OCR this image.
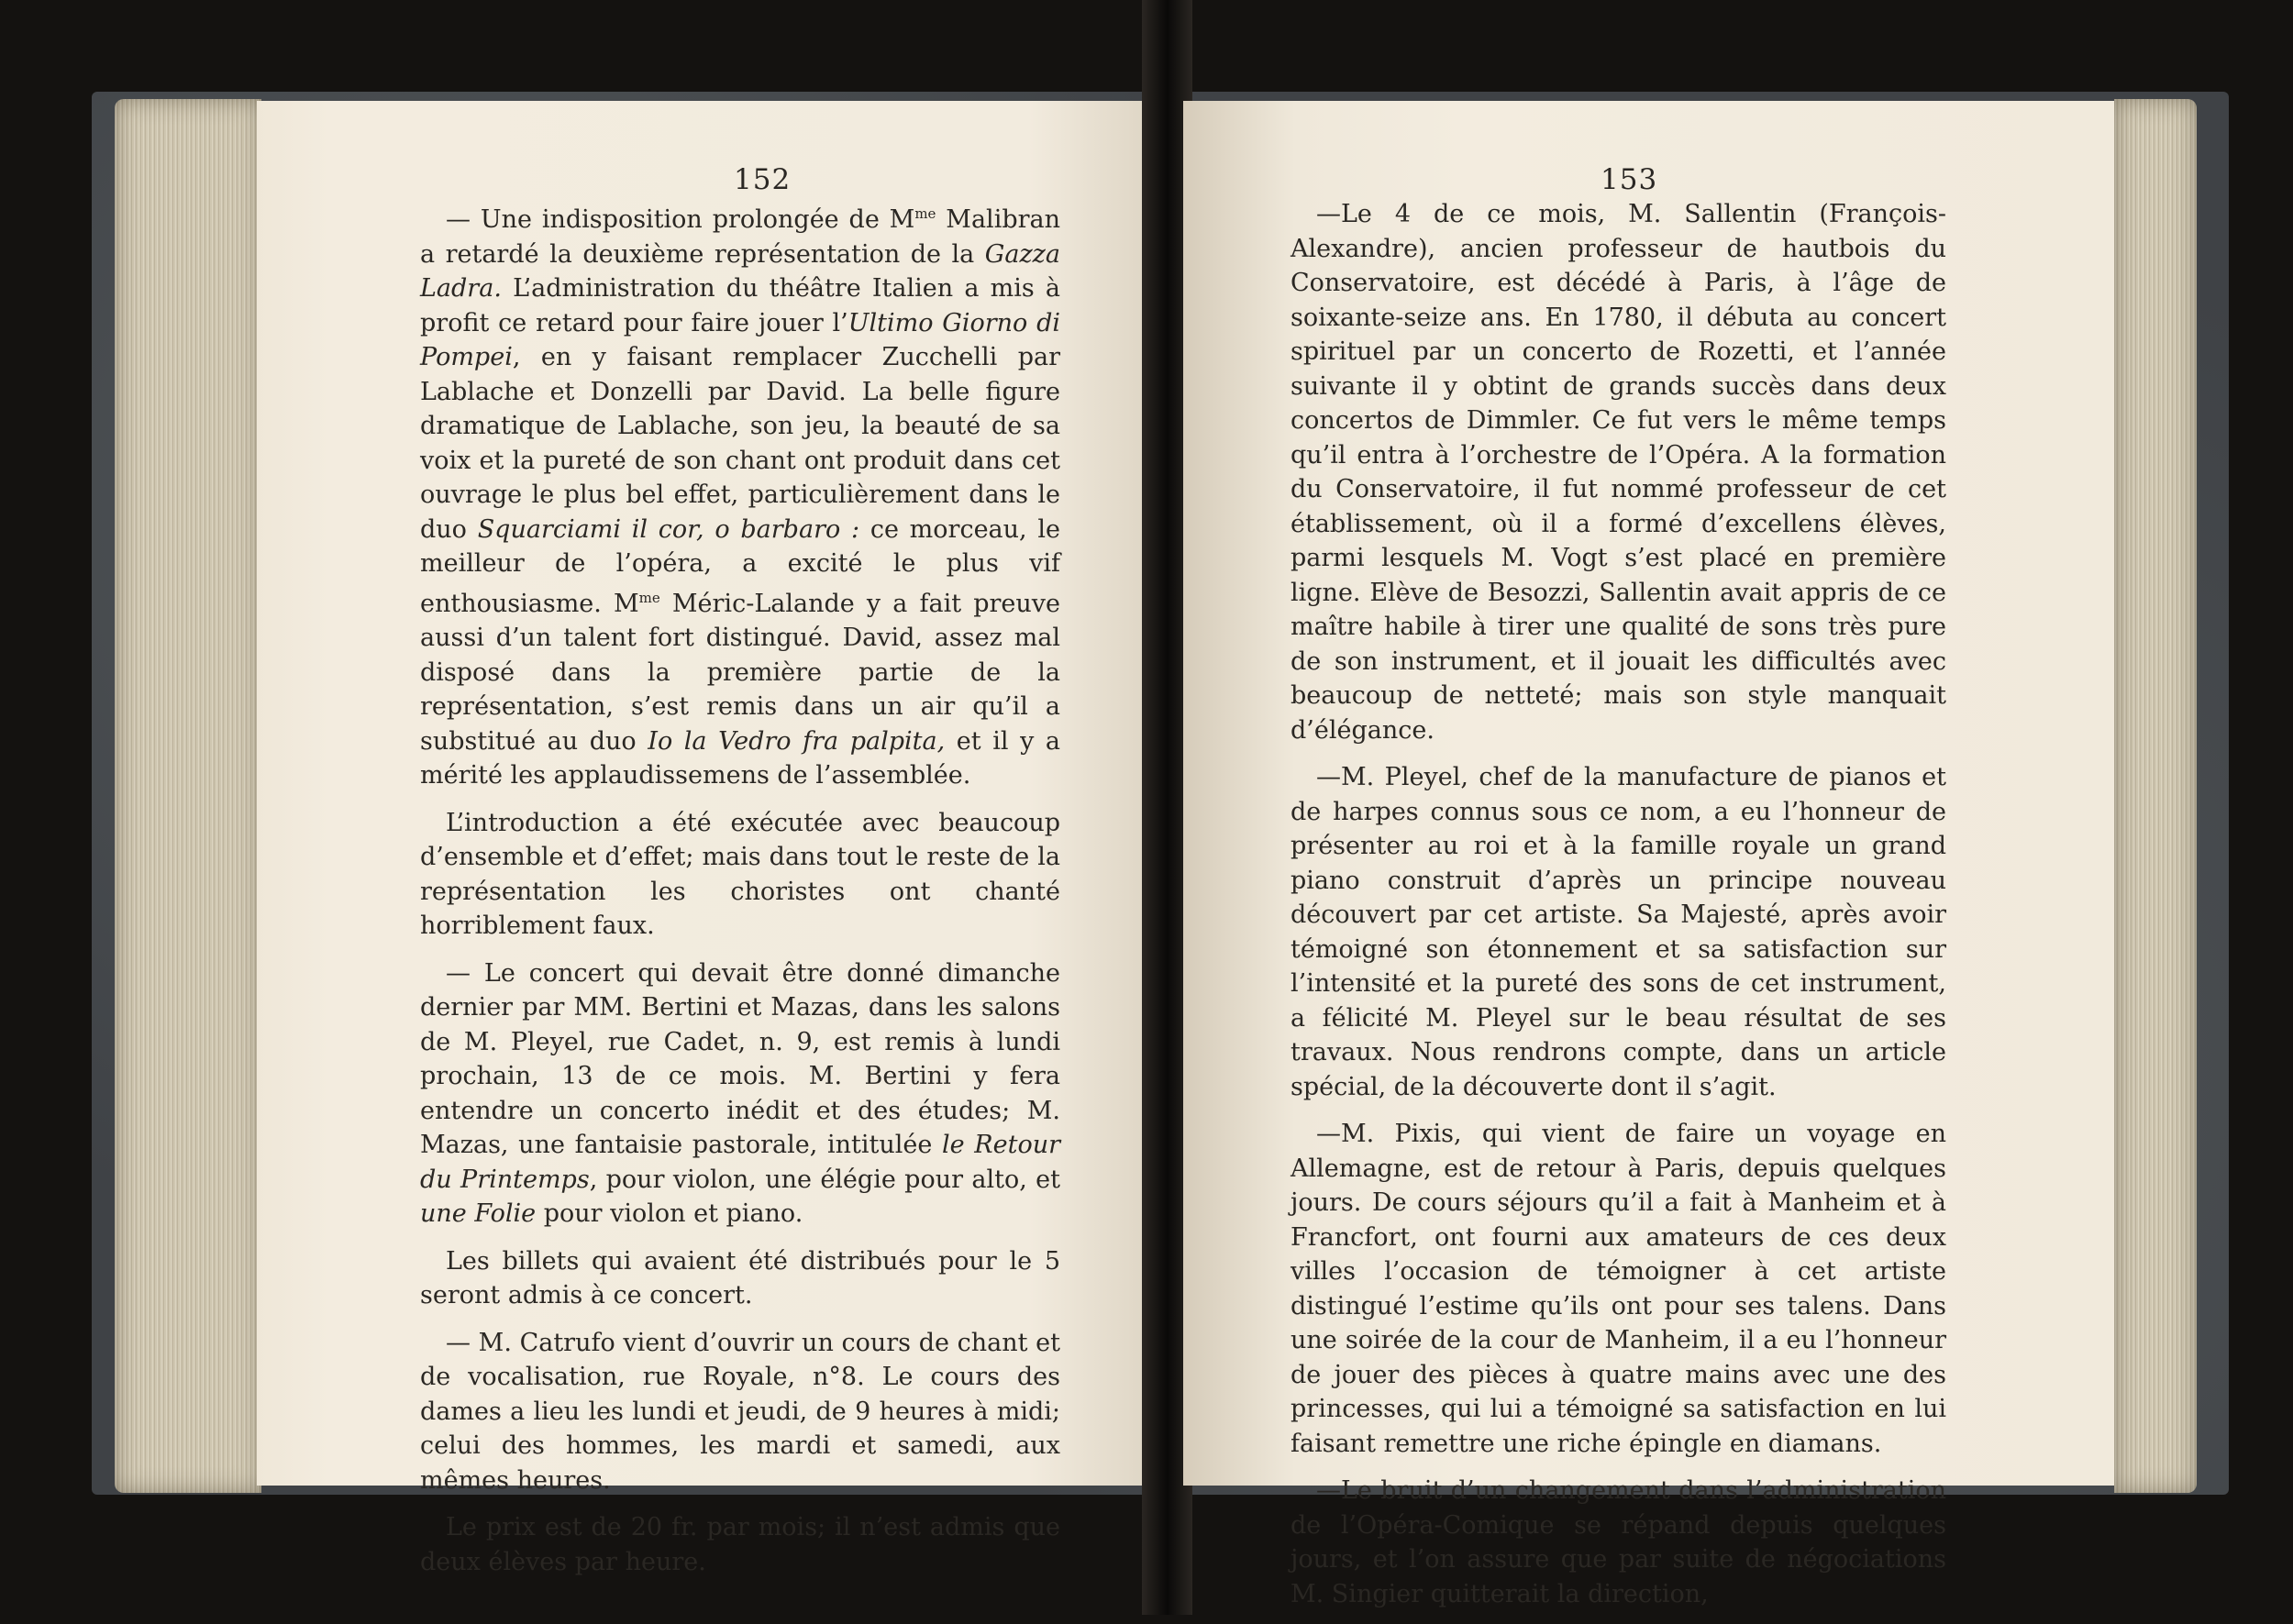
152

— Une indisposition prolongée de $M^{me}$ Malibran a retardé la deuxième représentation de la Gazza Ladra. L’administration du théâtre Italien a mis à profit ce retard pour faire jouer l’Ultimo Giorno di Pompei, en y faisant remplacer Zucchelli par Lablache et Donzelli par David. La belle figure dramatique de Lablache, son jeu, la beauté de sa voix et la pureté de son chant ont produit dans cet ouvrage le plus bel effet, particulièrement dans le duo Squarciami il cor, o barbaro : ce morceau, le meilleur de l’opéra, a excité le plus vif enthousiasme. $M^{me}$ Méric-Lalande y a fait preuve aussi d’un talent fort distingué. David, assez mal disposé dans la première partie de la représentation, s’est remis dans un air qu’il a substitué au duo Io la Vedro fra palpita, et il y a mérité les applaudissemens de l’assemblée.

L’introduction a été exécutée avec beaucoup d’ensemble et d’effet; mais dans tout le reste de la représentation les choristes ont chanté horriblement faux.

— Le concert qui devait être donné dimanche dernier par MM. Bertini et Mazas, dans les salons de M. Pleyel, rue Cadet, n. 9, est remis à lundi prochain, 13 de ce mois. M. Bertini y fera entendre un concerto inédit et des études; M. Mazas, une fantaisie pastorale, intitulée le Retour du Printemps, pour violon, une élégie pour alto, et une Folie pour violon et piano.

Les billets qui avaient été distribués pour le 5 seront admis à ce concert.

— M. Catrufo vient d’ouvrir un cours de chant et de vocalisation, rue Royale, n°8. Le cours des dames a lieu les lundi et jeudi, de 9 heures à midi; celui des hommes, les mardi et samedi, aux mêmes heures.

Le prix est de 20 fr. par mois; il n’est admis que deux élèves par heure.

153

—Le 4 de ce mois, M. Sallentin (François-Alexandre), ancien professeur de hautbois du Conservatoire, est décédé à Paris, à l’âge de soixante-seize ans. En 1780, il débuta au concert spirituel par un concerto de Rozetti, et l’année suivante il y obtint de grands succès dans deux concertos de Dimmler. Ce fut vers le même temps qu’il entra à l’orchestre de l’Opéra. A la formation du Conservatoire, il fut nommé professeur de cet établissement, où il a formé d’excellens élèves, parmi lesquels M. Vogt s’est placé en première ligne. Elève de Besozzi, Sallentin avait appris de ce maître habile à tirer une qualité de sons très pure de son instrument, et il jouait les difficultés avec beaucoup de netteté; mais son style manquait d’élégance.

—M. Pleyel, chef de la manufacture de pianos et de harpes connus sous ce nom, a eu l’honneur de présenter au roi et à la famille royale un grand piano construit d’après un principe nouveau découvert par cet artiste. Sa Majesté, après avoir témoigné son étonnement et sa satisfaction sur l’intensité et la pureté des sons de cet instrument, a félicité M. Pleyel sur le beau résultat de ses travaux. Nous rendrons compte, dans un article spécial, de la découverte dont il s’agit.

—M. Pixis, qui vient de faire un voyage en Allemagne, est de retour à Paris, depuis quelques jours. De cours séjours qu’il a fait à Manheim et à Francfort, ont fourni aux amateurs de ces deux villes l’occasion de témoigner à cet artiste distingué l’estime qu’ils ont pour ses talens. Dans une soirée de la cour de Manheim, il a eu l’honneur de jouer des pièces à quatre mains avec une des princesses, qui lui a témoigné sa satisfaction en lui faisant remettre une riche épingle en diamans.

—Le bruit d’un changement dans l’administration de l’Opéra-Comique se répand depuis quelques jours, et l’on assure que par suite de négociations M. Singier quitterait la direction,
